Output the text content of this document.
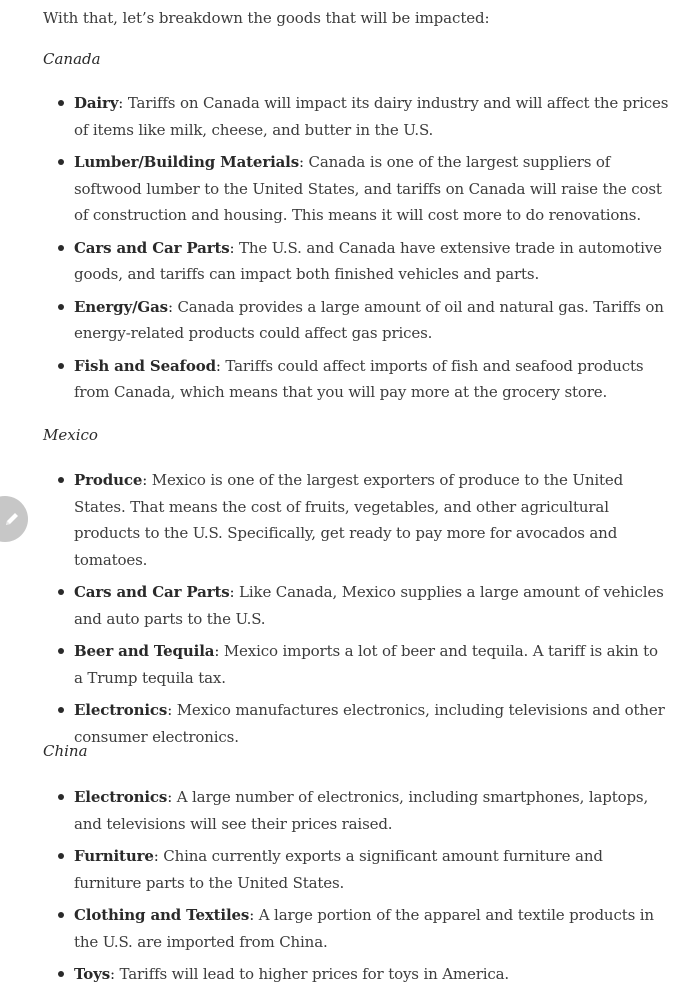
With that, let’s breakdown the goods that will be impacted:
Canada
Dairy: Tariffs on Canada will impact its dairy industry and will affect the prices of items like milk, cheese, and butter in the U.S.
Lumber/Building Materials: Canada is one of the largest suppliers of softwood lumber to the United States, and tariffs on Canada will raise the cost of construction and housing. This means it will cost more to do renovations.
Cars and Car Parts: The U.S. and Canada have extensive trade in automotive goods, and tariffs can impact both finished vehicles and parts.
Energy/Gas: Canada provides a large amount of oil and natural gas. Tariffs on energy-related products could affect gas prices.
Fish and Seafood: Tariffs could affect imports of fish and seafood products from Canada, which means that you will pay more at the grocery store.
Mexico
Produce: Mexico is one of the largest exporters of produce to the United States. That means the cost of fruits, vegetables, and other agricultural products to the U.S. Specifically, get ready to pay more for avocados and tomatoes.
Cars and Car Parts: Like Canada, Mexico supplies a large amount of vehicles and auto parts to the U.S.
Beer and Tequila: Mexico imports a lot of beer and tequila. A tariff is akin to a Trump tequila tax.
Electronics: Mexico manufactures electronics, including televisions and other consumer electronics.
China
Electronics: A large number of electronics, including smartphones, laptops, and televisions will see their prices raised.
Furniture: China currently exports a significant amount furniture and furniture parts to the United States.
Clothing and Textiles: A large portion of the apparel and textile products in the U.S. are imported from China.
Toys: Tariffs will lead to higher prices for toys in America.
